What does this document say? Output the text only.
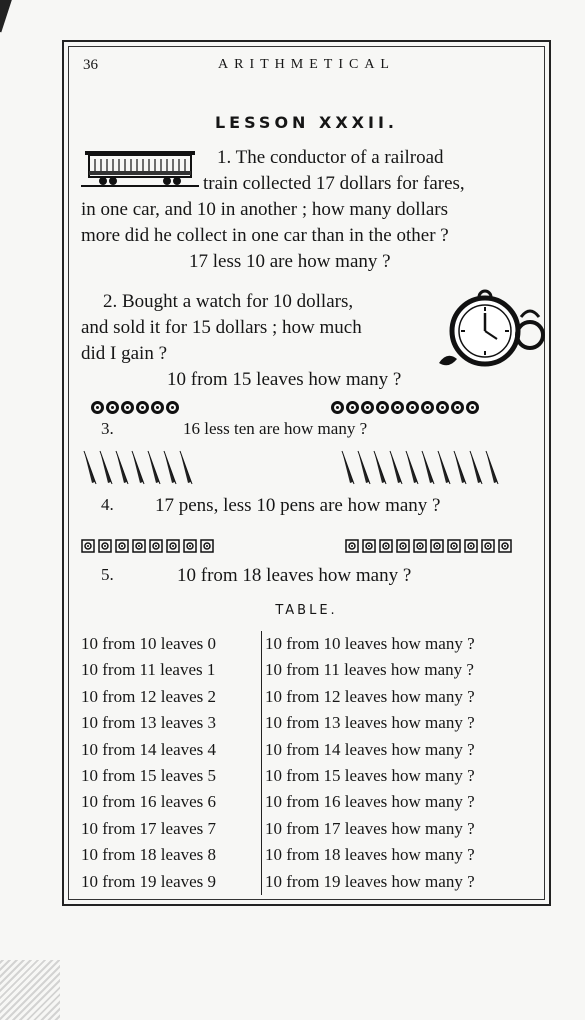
36	ARITHMETICAL
LESSON XXXII.
1. The conductor of a railroad
train collected 17 dollars for fares,
in one car, and 10 in another ; how many dollars
more did he collect in one car than in the other ?
17 less 10 are how many ?
2. Bought a watch for 10 dollars,
and sold it for 15 dollars ; how much
did I gain ?
10 from 15 leaves how many ?
3.	16 less ten are how many ?
4. 17 pens, less 10 pens are how many ?
5.	10 from 18 leaves how many ?
TABLE.
10 from 10 leaves 0	10 from 10 leaves how many ?
10 from 11 leaves 1	10 from 11 leaves how many ?
10 from 12 leaves 2	10 from 12 leaves how many ?
10 from 13 leaves 3	10 from 13 leaves how many ?
10 from 14 leaves 4	10 from 14 leaves how many ?
10 from 15 leaves 5	10 from 15 leaves how many ?
10 from 16 leaves 6	10 from 16 leaves how many ?
10 from 17 leaves 7	10 from 17 leaves how many ?
10 from 18 leaves 8	10 from 18 leaves how many ?
10 from 19 leaves 9	10 from 19 leaves how many ?
